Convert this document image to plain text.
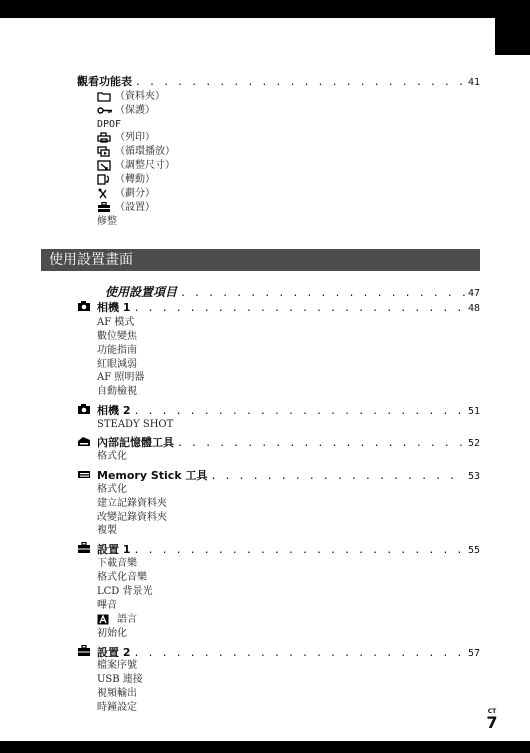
觀看功能表 . . .	41
（資料夾）
（保護）
DPOF
（列印）
（循環播放）
（調整尺寸）
（轉動）
（劃分）
（設置）
修整
使用設置畫面
使用設置項目 . . .	47
相機 1 . . .	48
AF 模式
數位變焦
功能指南
紅眼減弱
AF 照明器
自動檢視
相機 2 . . .	51
STEADY SHOT
內部記憶體工具 . . .	52
格式化
Memory Stick 工具 . . .	53
格式化
建立記錄資料夾
改變記錄資料夾
複製
設置 1 . . .	55
下載音樂
格式化音樂
LCD 背景光
嗶音
語言
初始化
設置 2 . . .	57
檔案序號
USB 連接
視頻輸出
時鐘設定	CT
7
